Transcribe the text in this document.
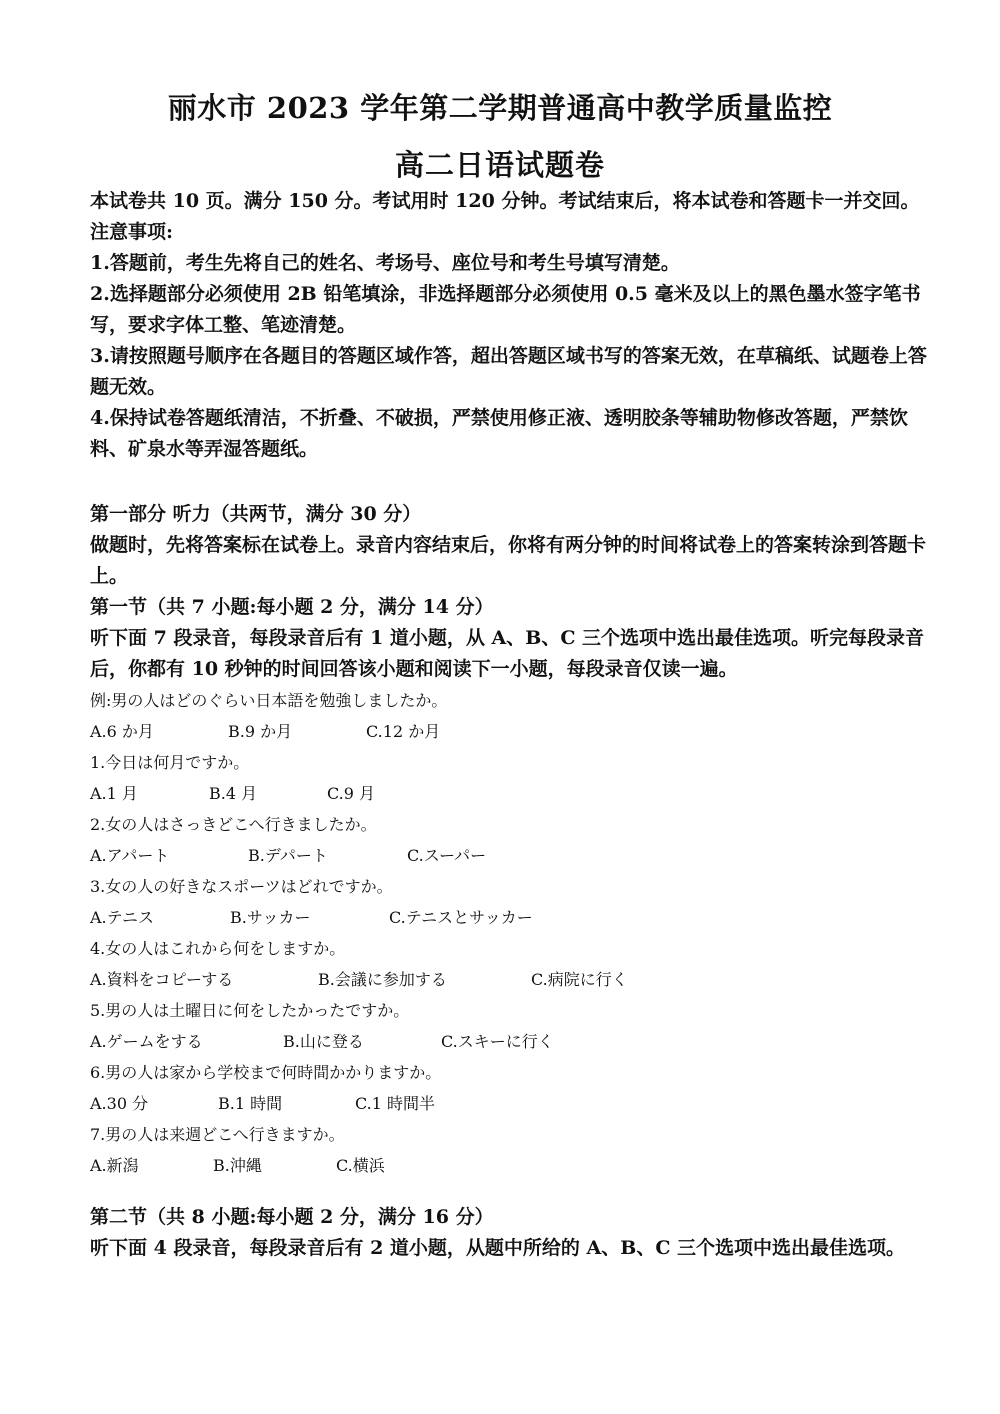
丽水市 2023 学年第二学期普通高中教学质量监控
高二日语试题卷

本试卷共 10 页。满分 150 分。考试用时 120 分钟。考试结束后，将本试卷和答题卡一并交回。

注意事项:

1.答题前，考生先将自己的姓名、考场号、座位号和考生号填写清楚。

2.选择题部分必须使用 2B 铅笔填涂，非选择题部分必须使用 0.5 毫米及以上的黑色墨水签字笔书写，要求字体工整、笔迹清楚。

3.请按照题号顺序在各题目的答题区域作答，超出答题区域书写的答案无效，在草稿纸、试题卷上答题无效。

4.保持试卷答题纸清洁，不折叠、不破损，严禁使用修正液、透明胶条等辅助物修改答题，严禁饮料、矿泉水等弄湿答题纸。

第一部分 听力（共两节，满分 30 分）

做题时，先将答案标在试卷上。录音内容结束后，你将有两分钟的时间将试卷上的答案转涂到答题卡上。

第一节（共 7 小题:每小题 2 分，满分 14 分）

听下面 7 段录音，每段录音后有 1 道小题，从 A、B、C 三个选项中选出最佳选项。听完每段录音后，你都有 10 秒钟的时间回答该小题和阅读下一小题，每段录音仅读一遍。

例:男の人はどのぐらい日本語を勉強しましたか。

A.6 か月	B.9 か月	C.12 か月

1.今日は何月ですか。

A.1 月	B.4 月	C.9 月

2.女の人はさっきどこへ行きましたか。

A.アパート	B.デパート	C.スーパー

3.女の人の好きなスポーツはどれですか。

A.テニス	B.サッカー	C.テニスとサッカー

4.女の人はこれから何をしますか。

A.資料をコピーする	B.会議に参加する	C.病院に行く

5.男の人は土曜日に何をしたかったですか。

A.ゲームをする	B.山に登る	C.スキーに行く

6.男の人は家から学校まで何時間かかりますか。

A.30 分	B.1 時間	C.1 時間半

7.男の人は来週どこへ行きますか。

A.新潟	B.沖縄	C.横浜

第二节（共 8 小题:每小题 2 分，满分 16 分）

听下面 4 段录音，每段录音后有 2 道小题，从题中所给的 A、B、C 三个选项中选出最佳选项。
